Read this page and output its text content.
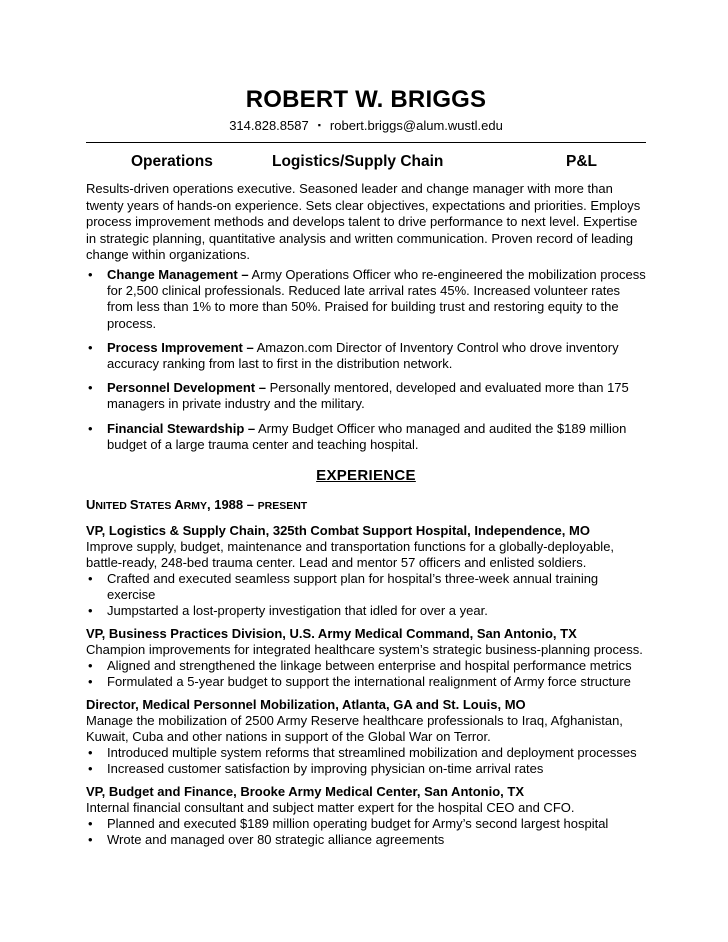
ROBERT W. BRIGGS
314.828.8587 ▪ robert.briggs@alum.wustl.edu
Operations	Logistics/Supply Chain	P&L

Results-driven operations executive. Seasoned leader and change manager with more than twenty years of hands-on experience. Sets clear objectives, expectations and priorities. Employs process improvement methods and develops talent to drive performance to next level. Expertise in strategic planning, quantitative analysis and written communication. Proven record of leading change within organizations.

• Change Management – Army Operations Officer who re-engineered the mobilization process for 2,500 clinical professionals. Reduced late arrival rates 45%. Increased volunteer rates from less than 1% to more than 50%. Praised for building trust and restoring equity to the process.
• Process Improvement – Amazon.com Director of Inventory Control who drove inventory accuracy ranking from last to first in the distribution network.
• Personnel Development – Personally mentored, developed and evaluated more than 175 managers in private industry and the military.
• Financial Stewardship – Army Budget Officer who managed and audited the $189 million budget of a large trauma center and teaching hospital.
EXPERIENCE
UNITED STATES ARMY, 1988 – PRESENT
VP, Logistics & Supply Chain, 325th Combat Support Hospital, Independence, MO
Improve supply, budget, maintenance and transportation functions for a globally-deployable, battle-ready, 248-bed trauma center. Lead and mentor 57 officers and enlisted soldiers.
• Crafted and executed seamless support plan for hospital’s three-week annual training exercise
• Jumpstarted a lost-property investigation that idled for over a year.
VP, Business Practices Division, U.S. Army Medical Command, San Antonio, TX
Champion improvements for integrated healthcare system’s strategic business-planning process.
• Aligned and strengthened the linkage between enterprise and hospital performance metrics
• Formulated a 5-year budget to support the international realignment of Army force structure
Director, Medical Personnel Mobilization, Atlanta, GA and St. Louis, MO
Manage the mobilization of 2500 Army Reserve healthcare professionals to Iraq, Afghanistan, Kuwait, Cuba and other nations in support of the Global War on Terror.
• Introduced multiple system reforms that streamlined mobilization and deployment processes
• Increased customer satisfaction by improving physician on-time arrival rates
VP, Budget and Finance, Brooke Army Medical Center, San Antonio, TX
Internal financial consultant and subject matter expert for the hospital CEO and CFO.
• Planned and executed $189 million operating budget for Army’s second largest hospital
• Wrote and managed over 80 strategic alliance agreements
